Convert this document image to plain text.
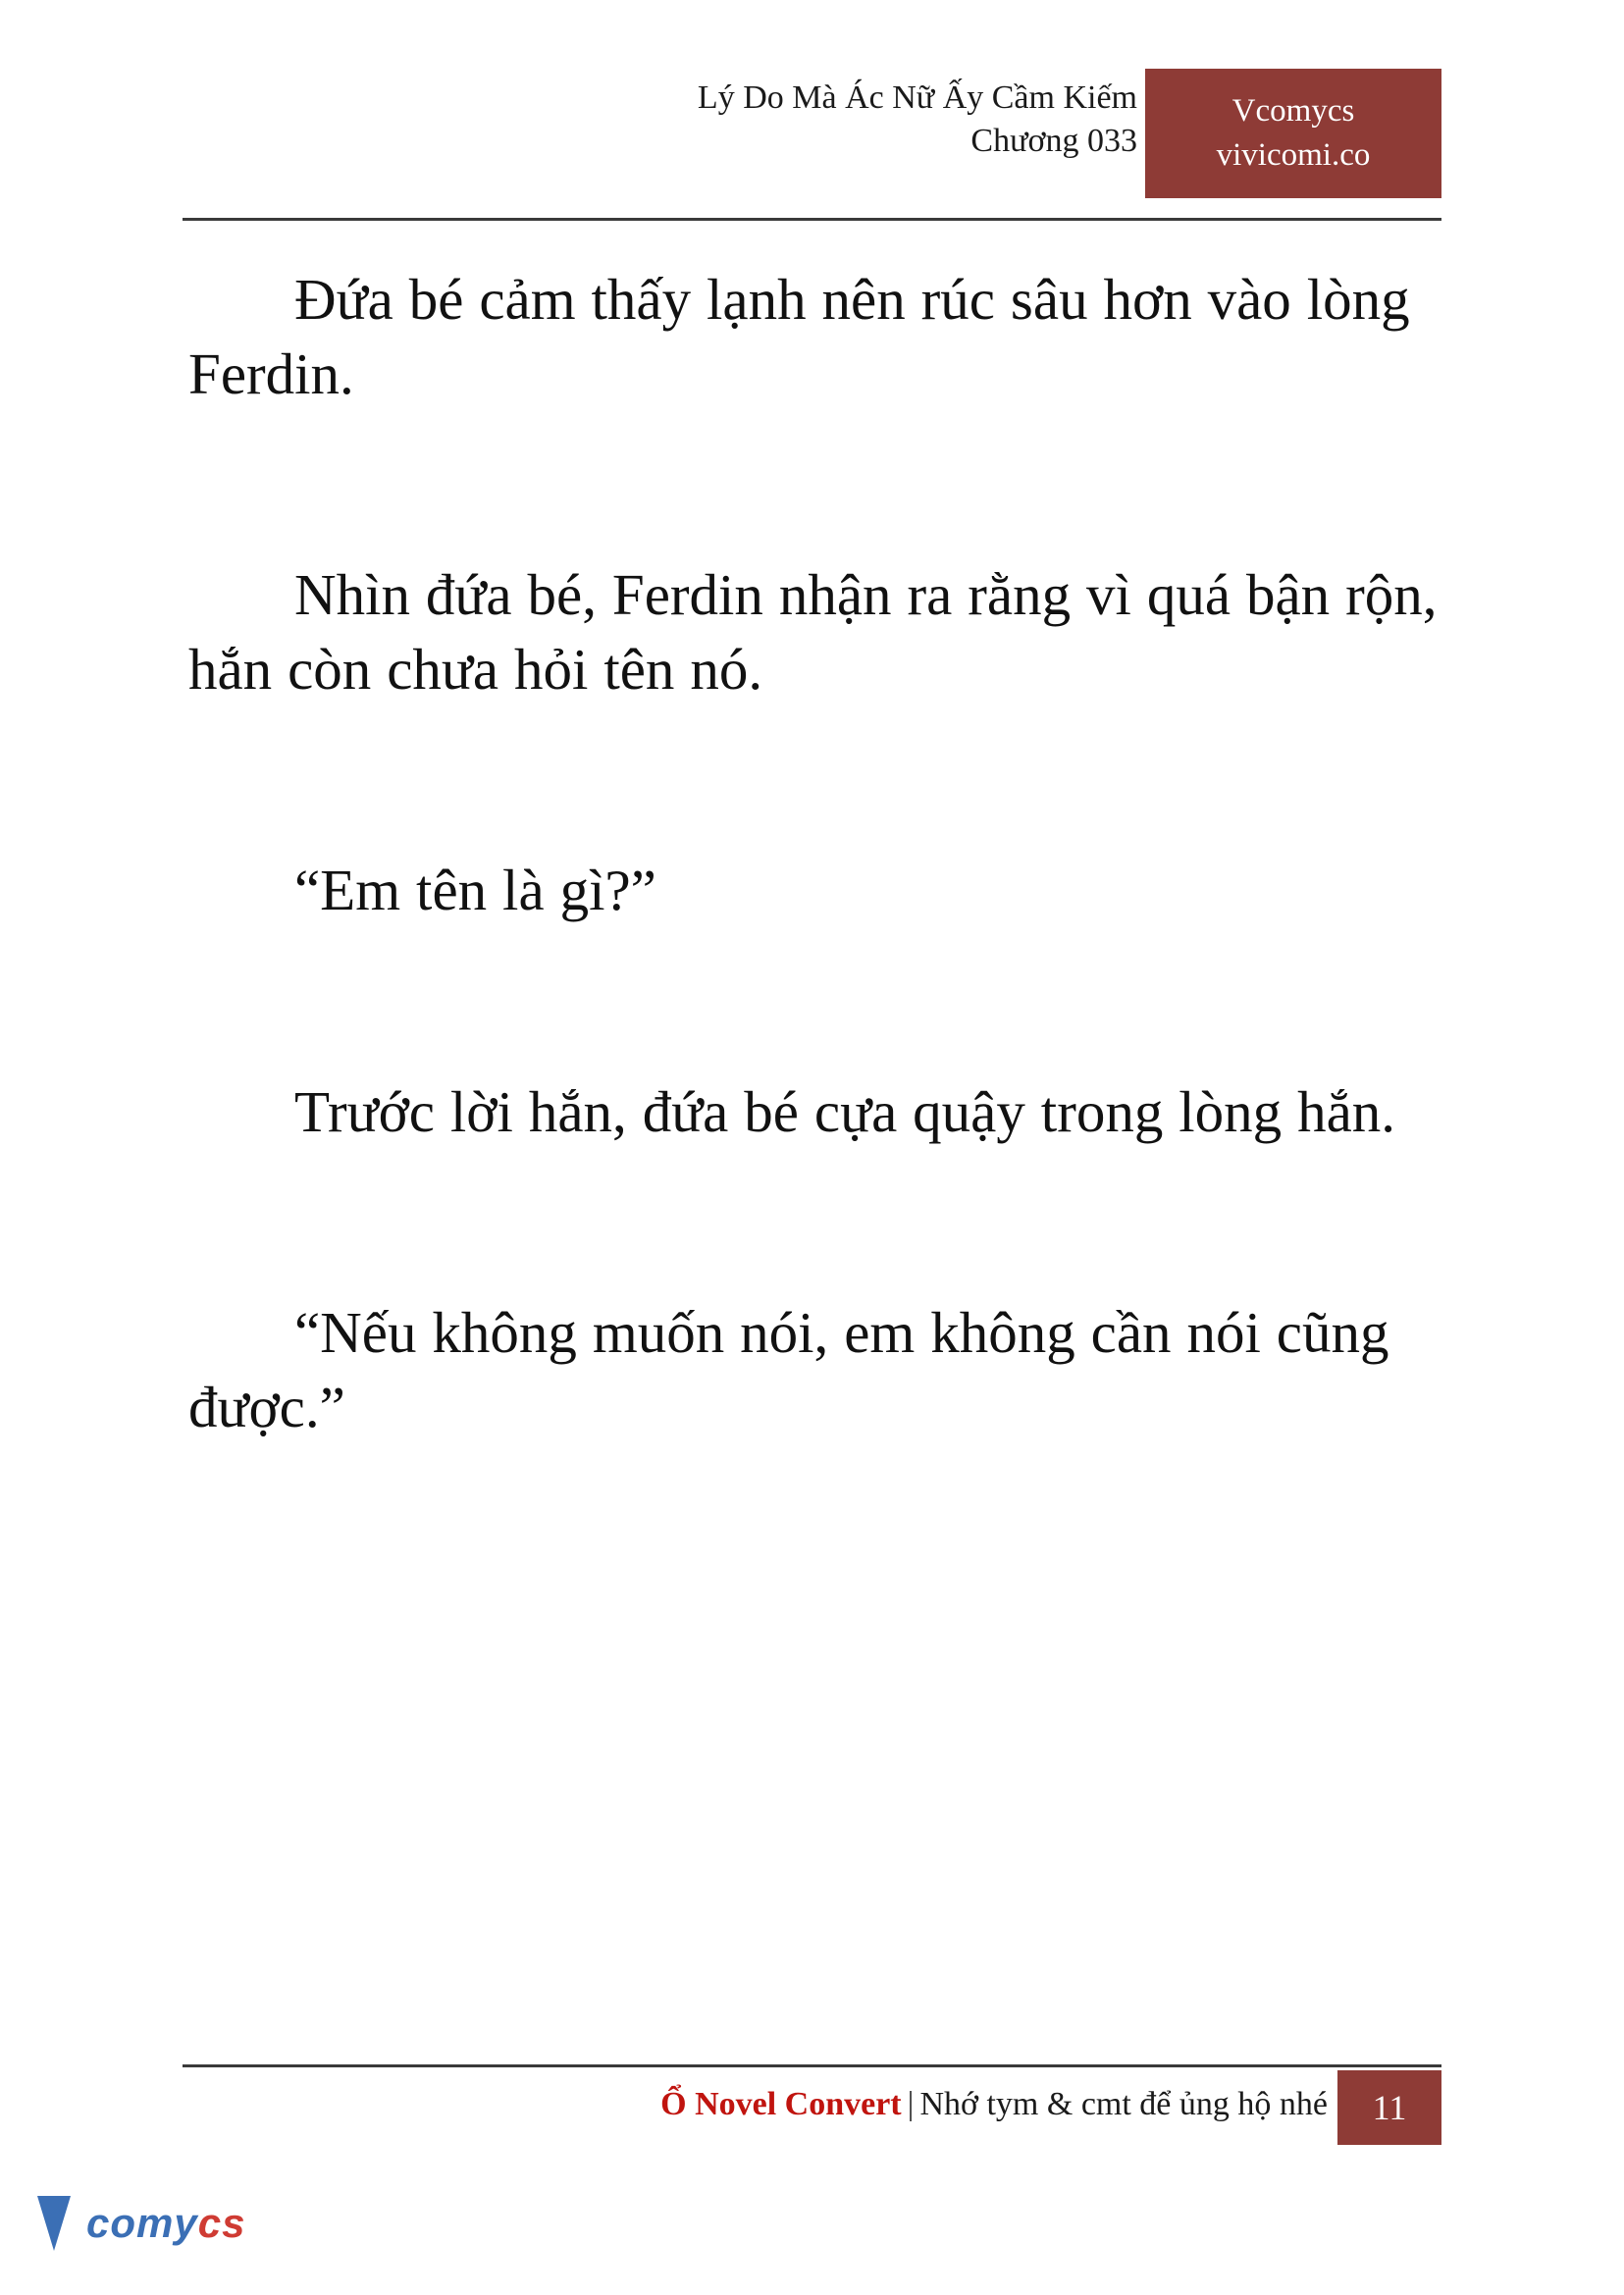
Lý Do Mà Ác Nữ Ấy Cầm Kiếm
Chương 033
Vcomycs
vivicomi.co

Đứa bé cảm thấy lạnh nên rúc sâu hơn vào lòng Ferdin.

Nhìn đứa bé, Ferdin nhận ra rằng vì quá bận rộn, hắn còn chưa hỏi tên nó.

“Em tên là gì?”

Trước lời hắn, đứa bé cựa quậy trong lòng hắn.

“Nếu không muốn nói, em không cần nói cũng được.”

Ổ Novel Convert | Nhớ tym & cmt để ủng hộ nhé 11
comycs
